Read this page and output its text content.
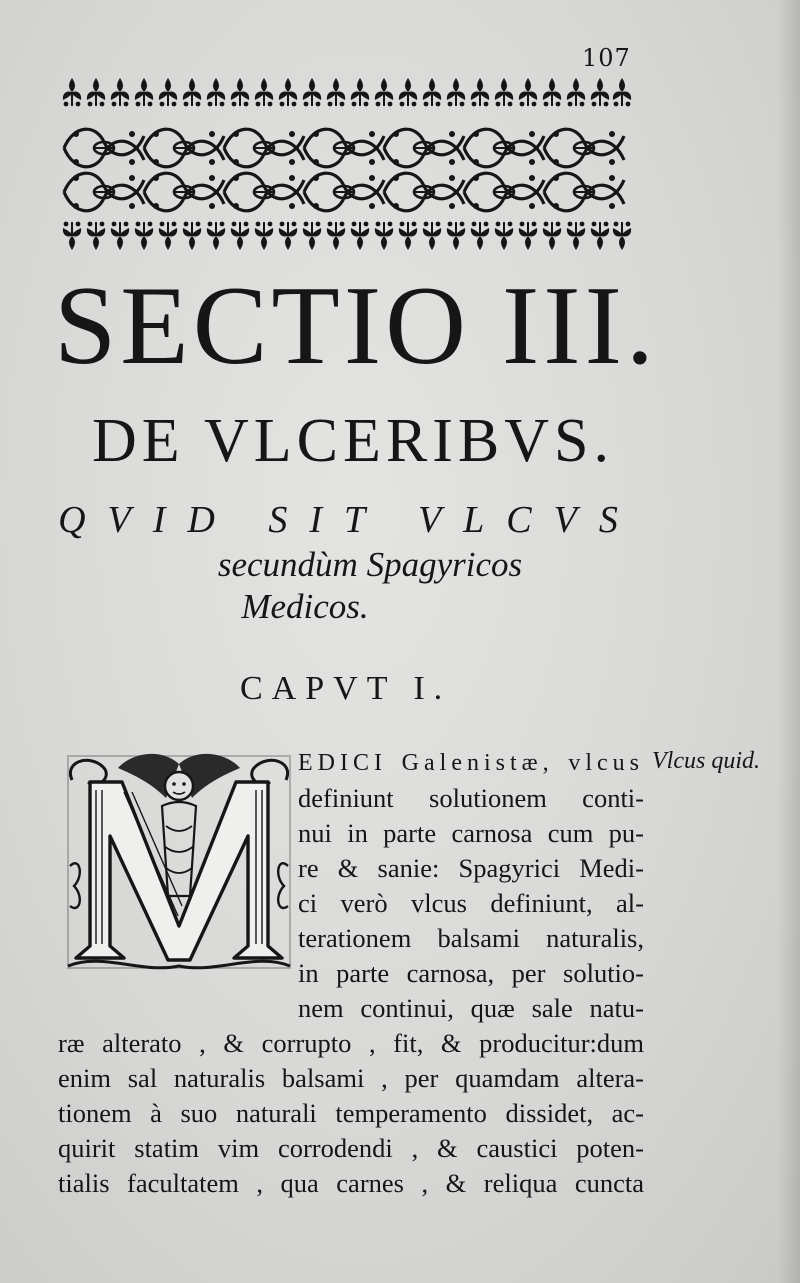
107
SECTIO III.
DE VLCERIBVS.
QVID SIT VLCVS
secundùm Spagyricos
Medicos.
CAPVT I.
Vlcus quid.
EDICI Galenistæ, vlcus
definiunt solutionem conti-
nui in parte carnosa cum pu-
re & sanie: Spagyrici Medi-
ci verò vlcus definiunt, al-
terationem balsami naturalis,
in parte carnosa, per solutio-
nem continui, quæ sale natu-
ræ alterato , & corrupto , fit, & producitur:dum
enim sal naturalis balsami , per quamdam altera-
tionem à suo naturali temperamento dissidet, ac-
quirit statim vim corrodendi , & caustici poten-
tialis facultatem , qua carnes , & reliqua cuncta
